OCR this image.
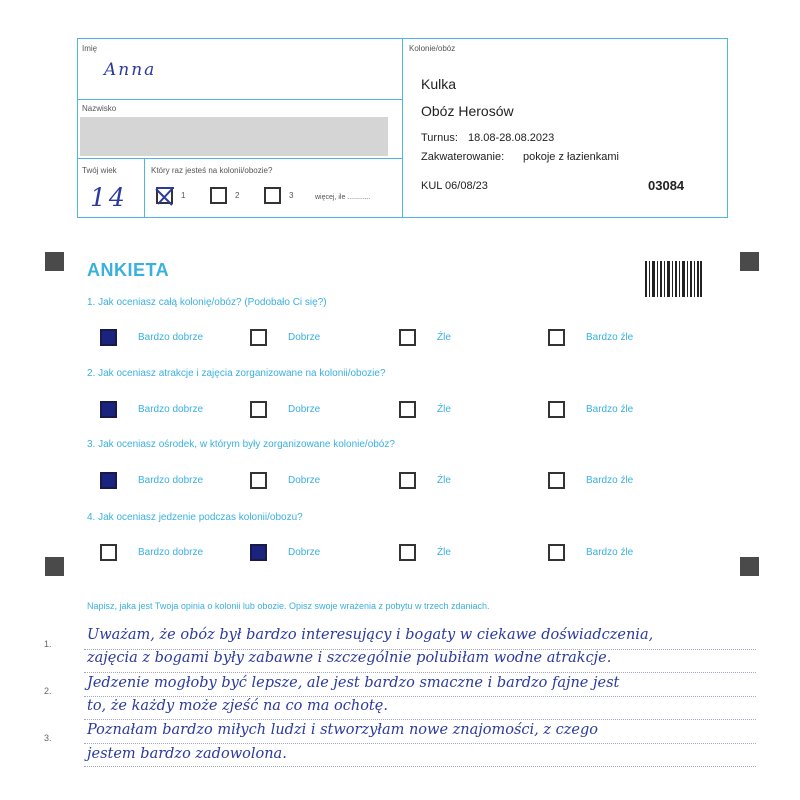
Imię
Anna
Nazwisko
Twój wiek
14
Który raz jesteś na kolonii/obozie?
1	2	3	więcej, ile ............
Kolonie/obóz
Kulka
Obóz Herosów
Turnus: 18.08-28.08.2023
Zakwaterowanie: pokoje z łazienkami
KUL 06/08/23	03084
ANKIETA
1. Jak oceniasz całą kolonię/obóz? (Podobało Ci się?)
Bardzo dobrze	Dobrze	Źle	Bardzo źle
2. Jak oceniasz atrakcje i zajęcia zorganizowane na kolonii/obozie?
Bardzo dobrze	Dobrze	Źle	Bardzo źle
3. Jak oceniasz ośrodek, w którym były zorganizowane kolonie/obóz?
Bardzo dobrze	Dobrze	Źle	Bardzo źle
4. Jak oceniasz jedzenie podczas kolonii/obozu?
Bardzo dobrze	Dobrze	Źle	Bardzo źle
Napisz, jaka jest Twoja opinia o kolonii lub obozie. Opisz swoje wrażenia z pobytu w trzech zdaniach.
1.
2.
3.
Uważam, że obóz był bardzo interesujący i bogaty w ciekawe doświadczenia,
zajęcia z bogami były zabawne i szczególnie polubiłam wodne atrakcje.
Jedzenie mogłoby być lepsze, ale jest bardzo smaczne i bardzo fajne jest
to, że każdy może zjeść na co ma ochotę.
Poznałam bardzo miłych ludzi i stworzyłam nowe znajomości, z czego
jestem bardzo zadowolona.
